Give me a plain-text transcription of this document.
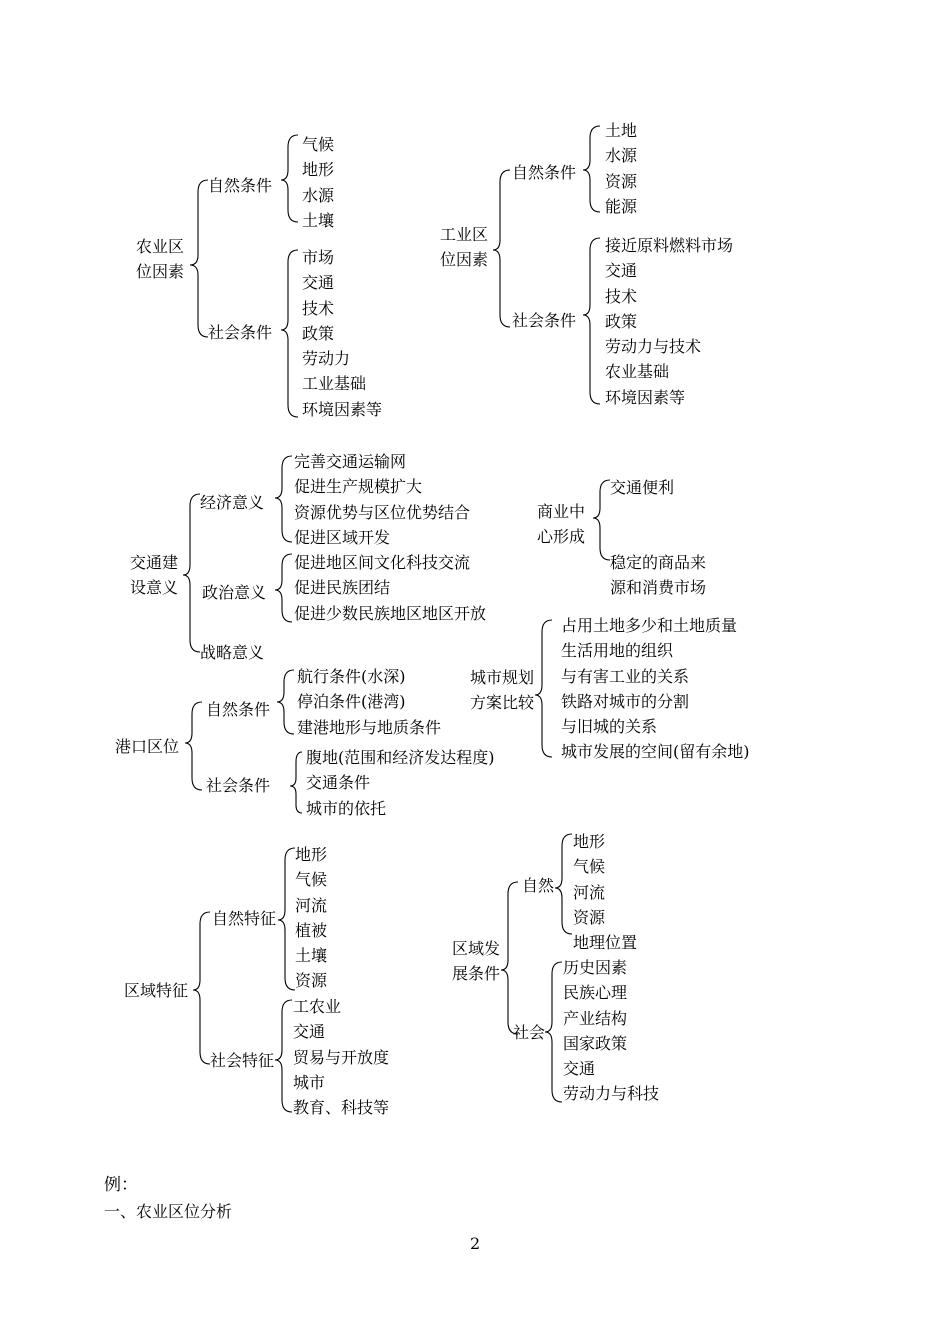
农业区
位因素
自然条件
社会条件
气候
地形
水源
土壤
市场
交通
技术
政策
劳动力
工业基础
环境因素等
工业区
位因素
自然条件
社会条件
土地
水源
资源
能源
接近原料燃料市场
交通
技术
政策
劳动力与技术
农业基础
环境因素等
交通建
设意义
经济意义
政治意义
战略意义
完善交通运输网
促进生产规模扩大
资源优势与区位优势结合
促进区域开发
促进地区间文化科技交流
促进民族团结
促进少数民族地区地区开放
商业中
心形成
交通便利
稳定的商品来
源和消费市场
城市规划
方案比较
占用土地多少和土地质量
生活用地的组织
与有害工业的关系
铁路对城市的分割
与旧城的关系
城市发展的空间(留有余地)
港口区位
自然条件
社会条件
航行条件(水深)
停泊条件(港湾)
建港地形与地质条件
腹地(范围和经济发达程度)
交通条件
城市的依托
区域特征
自然特征
社会特征
地形
气候
河流
植被
土壤
资源
工农业
交通
贸易与开放度
城市
教育、科技等
区域发
展条件
自然
社会
地形
气候
河流
资源
地理位置
历史因素
民族心理
产业结构
国家政策
交通
劳动力与科技
例：
一、农业区位分析
2
